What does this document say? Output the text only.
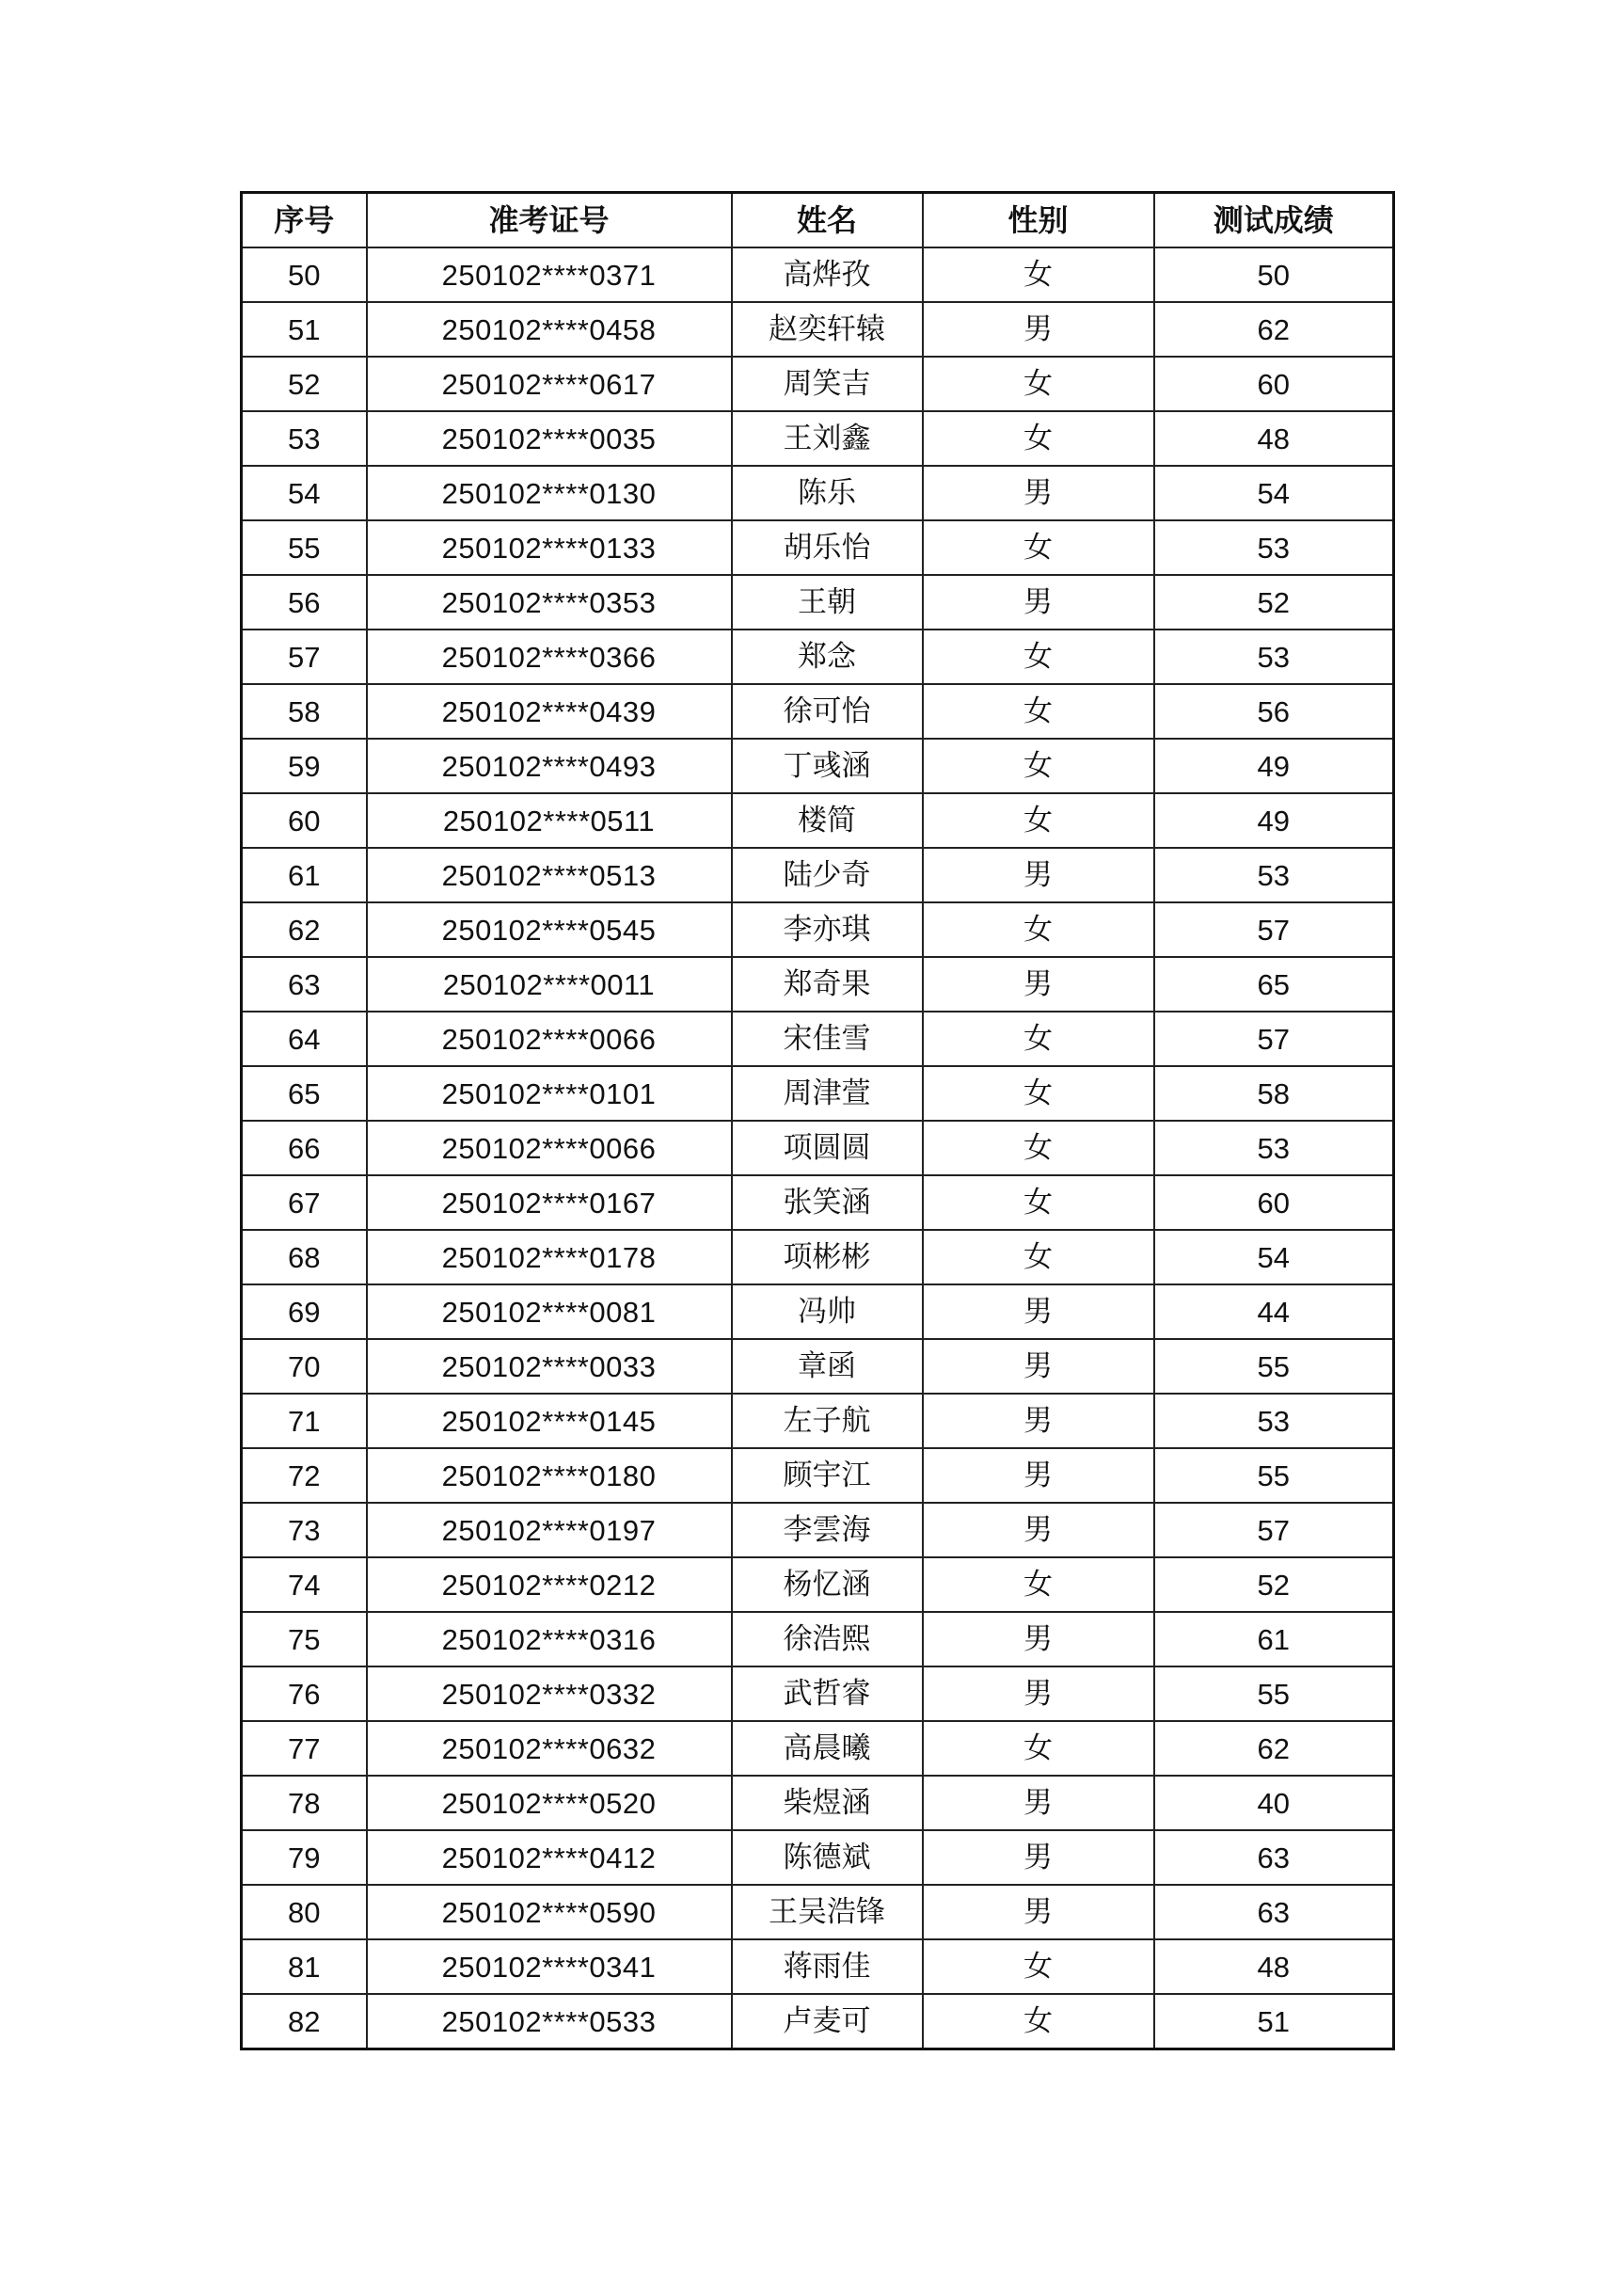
序号	准考证号	姓名	性别	测试成绩
50	250102****0371	高烨孜	女	50
51	250102****0458	赵奕轩辕	男	62
52	250102****0617	周笑吉	女	60
53	250102****0035	王刘鑫	女	48
54	250102****0130	陈乐	男	54
55	250102****0133	胡乐怡	女	53
56	250102****0353	王朝	男	52
57	250102****0366	郑念	女	53
58	250102****0439	徐可怡	女	56
59	250102****0493	丁彧涵	女	49
60	250102****0511	楼简	女	49
61	250102****0513	陆少奇	男	53
62	250102****0545	李亦琪	女	57
63	250102****0011	郑奇果	男	65
64	250102****0066	宋佳雪	女	57
65	250102****0101	周津萱	女	58
66	250102****0066	项圆圆	女	53
67	250102****0167	张笑涵	女	60
68	250102****0178	项彬彬	女	54
69	250102****0081	冯帅	男	44
70	250102****0033	章函	男	55
71	250102****0145	左子航	男	53
72	250102****0180	顾宇江	男	55
73	250102****0197	李雲海	男	57
74	250102****0212	杨忆涵	女	52
75	250102****0316	徐浩熙	男	61
76	250102****0332	武哲睿	男	55
77	250102****0632	高晨曦	女	62
78	250102****0520	柴煜涵	男	40
79	250102****0412	陈德斌	男	63
80	250102****0590	王吴浩锋	男	63
81	250102****0341	蒋雨佳	女	48
82	250102****0533	卢麦可	女	51
